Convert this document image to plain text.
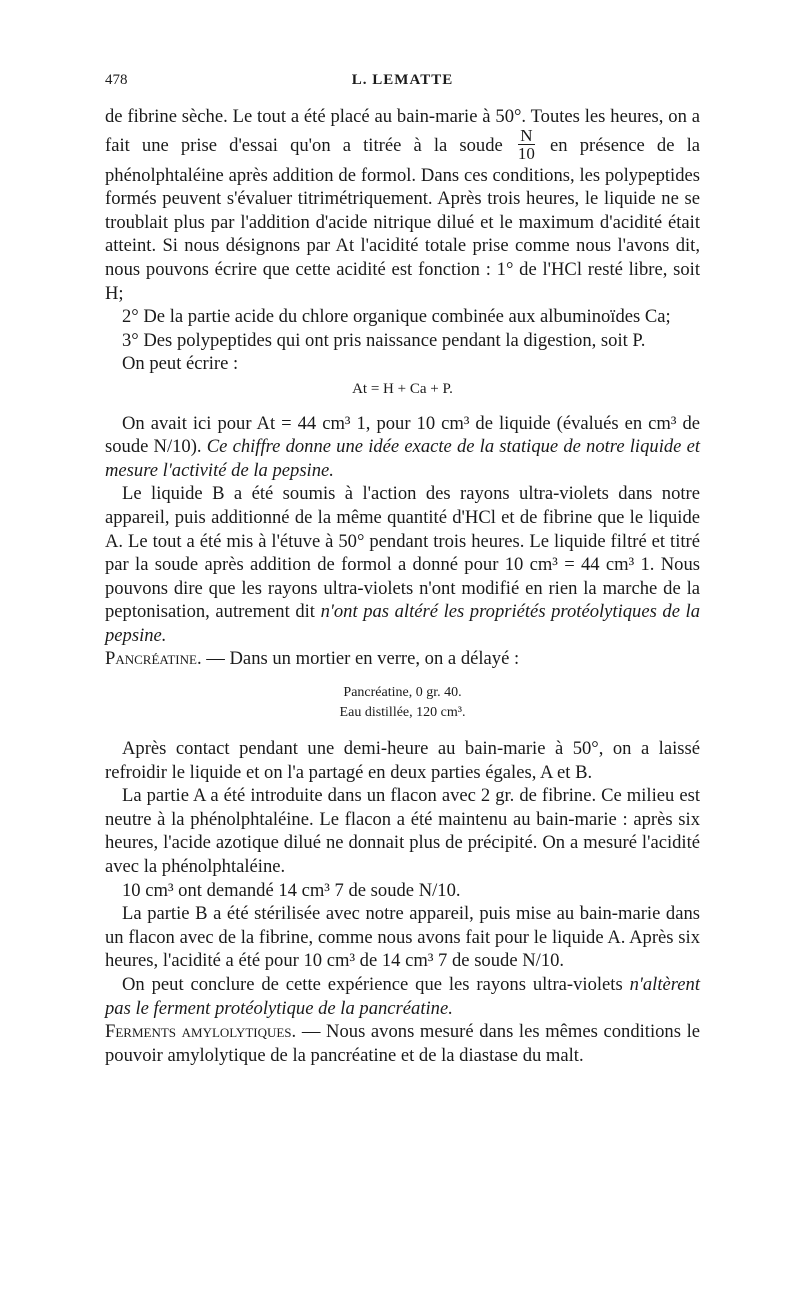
478	L. LEMATTE

de fibrine sèche. Le tout a été placé au bain-marie à 50°. Toutes les heures, on a fait une prise d'essai qu'on a titrée à la soude $\frac{N}{10}$ en présence de la phénolphtaléine après addition de formol. Dans ces conditions, les polypeptides formés peuvent s'évaluer titrimétriquement. Après trois heures, le liquide ne se troublait plus par l'addition d'acide nitrique dilué et le maximum d'acidité était atteint. Si nous désignons par At l'acidité totale prise comme nous l'avons dit, nous pouvons écrire que cette acidité est fonction : 1° de l'HCl resté libre, soit H;

2° De la partie acide du chlore organique combinée aux albuminoïdes Ca;

3° Des polypeptides qui ont pris naissance pendant la digestion, soit P.

On peut écrire :

At = H + Ca + P.

On avait ici pour At = 44 cm³ 1, pour 10 cm³ de liquide (évalués en cm³ de soude N/10). Ce chiffre donne une idée exacte de la statique de notre liquide et mesure l'activité de la pepsine.

Le liquide B a été soumis à l'action des rayons ultra-violets dans notre appareil, puis additionné de la même quantité d'HCl et de fibrine que le liquide A. Le tout a été mis à l'étuve à 50° pendant trois heures. Le liquide filtré et titré par la soude après addition de formol a donné pour 10 cm³ = 44 cm³ 1. Nous pouvons dire que les rayons ultra-violets n'ont modifié en rien la marche de la peptonisation, autrement dit n'ont pas altéré les propriétés protéolytiques de la pepsine.

Pancréatine. — Dans un mortier en verre, on a délayé :

Pancréatine, 0 gr. 40.
Eau distillée, 120 cm³.

Après contact pendant une demi-heure au bain-marie à 50°, on a laissé refroidir le liquide et on l'a partagé en deux parties égales, A et B.

La partie A a été introduite dans un flacon avec 2 gr. de fibrine. Ce milieu est neutre à la phénolphtaléine. Le flacon a été maintenu au bain-marie : après six heures, l'acide azotique dilué ne donnait plus de précipité. On a mesuré l'acidité avec la phénolphtaléine.

10 cm³ ont demandé 14 cm³ 7 de soude N/10.

La partie B a été stérilisée avec notre appareil, puis mise au bain-marie dans un flacon avec de la fibrine, comme nous avons fait pour le liquide A. Après six heures, l'acidité a été pour 10 cm³ de 14 cm³ 7 de soude N/10.

On peut conclure de cette expérience que les rayons ultra-violets n'altèrent pas le ferment protéolytique de la pancréatine.

Ferments amylolytiques. — Nous avons mesuré dans les mêmes conditions le pouvoir amylolytique de la pancréatine et de la diastase du malt.
